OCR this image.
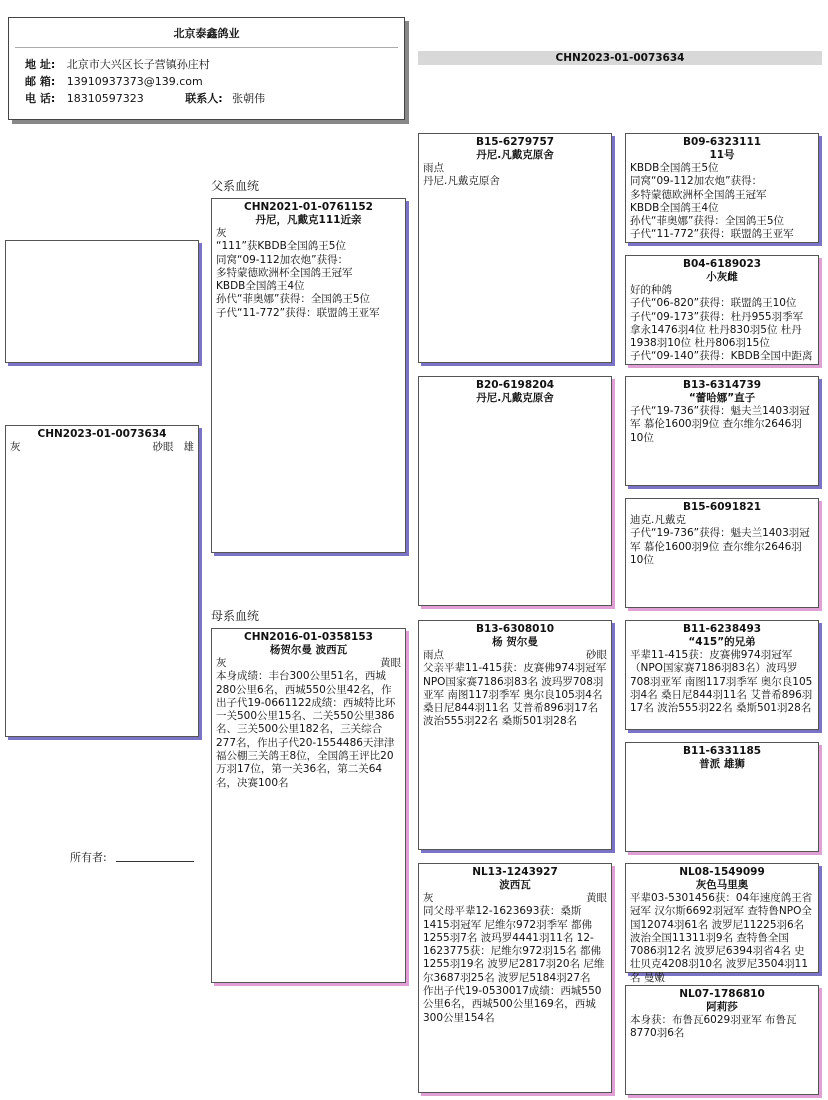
北京泰鑫鸽业
地 址: 北京市大兴区长子营镇孙庄村
邮 箱: 13910937373@139.com
电 话: 18310597323	联系人: 张朝伟
CHN2023-01-0073634
CHN2023-01-0073634
灰	砂眼 雄
所有者:
父系血统
母系血统
CHN2021-01-0761152
丹尼，凡戴克111近亲
灰
“111”获KBDB全国鸽王5位
同窝“09-112加农炮”获得：
多特蒙德欧洲杯全国鸽王冠军
KBDB全国鸽王4位
孙代“菲奥娜”获得：全国鸽王5位
子代“11-772”获得：联盟鸽王亚军
CHN2016-01-0358153
杨贺尔曼 波西瓦
灰	黄眼
本身成绩：丰台300公里51名，西城280公里6名，西城550公里42名，作出子代19-0661122成绩：西城特比环一关500公里15名、二关550公里386名、三关500公里182名，三关综合277名，作出子代20-1554486天津津福公棚三关鸽王8位，全国鸽王评比20万羽17位，第一关36名，第二关64名，决赛100名
B15-6279757
丹尼.凡戴克原舍
雨点
丹尼.凡戴克原舍
B20-6198204
丹尼.凡戴克原舍
B13-6308010
杨 贺尔曼
雨点	砂眼
父亲平辈11-415获：皮赛佛974羽冠军NPO国家赛7186羽83名 波玛罗708羽亚军 南图117羽季军 奥尔良105羽4名 桑日尼844羽11名 艾普希896羽17名 波治555羽22名 桑斯501羽28名
NL13-1243927
波西瓦
灰	黄眼
同父母平辈12-1623693获：桑斯1415羽冠军 尼维尔972羽季军 都佛1255羽7名 波玛罗4441羽11名 12-1623775获：尼维尔972羽15名 都佛1255羽19名 波罗尼2817羽20名 尼维尔3687羽25名 波罗尼5184羽27名
作出子代19-0530017成绩：西城550公里6名，西城500公里169名，西城300公里154名
B09-6323111
11号
KBDB全国鸽王5位
同窝“09-112加农炮”获得：
多特蒙德欧洲杯全国鸽王冠军
KBDB全国鸽王4位
孙代“菲奥娜”获得：全国鸽王5位
子代“11-772”获得：联盟鸽王亚军
B04-6189023
小灰雌
好的种鸽
子代“06-820”获得：联盟鸽王10位
子代“09-173”获得：杜丹955羽季军 拿永1476羽4位 杜丹830羽5位 杜丹1938羽10位 杜丹806羽15位
子代“09-140”获得：KBDB全国中距离
B13-6314739
“蕾哈娜”直子
子代“19-736”获得：魁夫兰1403羽冠军 慕伦1600羽9位 查尔维尔2646羽10位
B15-6091821
迪克.凡戴克
子代“19-736”获得：魁夫兰1403羽冠军 慕伦1600羽9位 查尔维尔2646羽10位
B11-6238493
“415”的兄弟
平辈11-415获：皮赛佛974羽冠军（NPO国家赛7186羽83名）波玛罗708羽亚军 南图117羽季军 奥尔良105羽4名 桑日尼844羽11名 艾普希896羽17名 波治555羽22名 桑斯501羽28名
B11-6331185
普派 雄狮
NL08-1549099
灰色马里奥
平辈03-5301456获：04年速度鸽王省冠军 汉尔斯6692羽冠军 查特鲁NPO全国12074羽61名 波罗尼11225羽6名 波治全国11311羽9名 查特鲁全国7086羽12名 波罗尼6394羽省4名 史壮贝克4208羽10名 波罗尼3504羽11名 曼嫩
NL07-1786810
阿莉莎
本身获：布鲁瓦6029羽亚军 布鲁瓦8770羽6名
